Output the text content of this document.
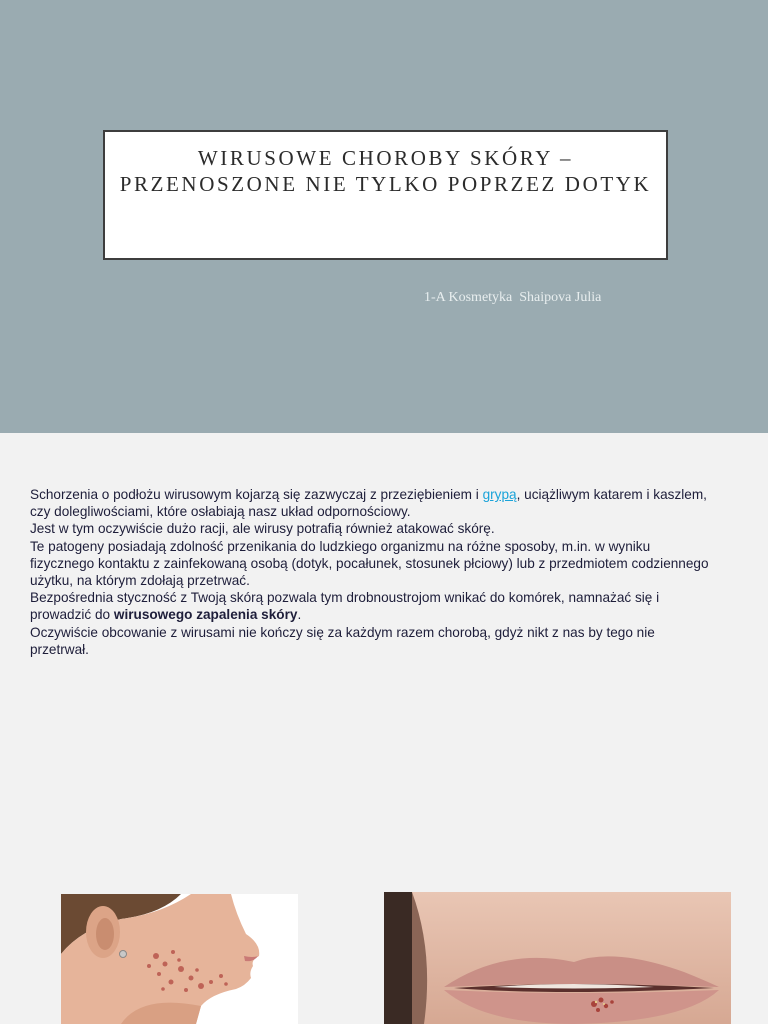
WIRUSOWE CHOROBY SKÓRY – PRZENOSZONE NIE TYLKO POPRZEZ DOTYK
1-A Kosmetyka  Shaipova Julia

Schorzenia o podłożu wirusowym kojarzą się zazwyczaj z przeziębieniem i grypą, uciążliwym katarem i kaszlem, czy dolegliwościami, które osłabiają nasz układ odpornościowy.

Jest w tym oczywiście dużo racji, ale wirusy potrafią również atakować skórę.

Te patogeny posiadają zdolność przenikania do ludzkiego organizmu na różne sposoby, m.in. w wyniku fizycznego kontaktu z zainfekowaną osobą (dotyk, pocałunek, stosunek płciowy) lub z przedmiotem codziennego użytku, na którym zdołają przetrwać.

Bezpośrednia styczność z Twoją skórą pozwala tym drobnoustrojom wnikać do komórek, namnażać się i prowadzić do wirusowego zapalenia skóry.

Oczywiście obcowanie z wirusami nie kończy się za każdym razem chorobą, gdyż nikt z nas by tego nie przetrwał.
